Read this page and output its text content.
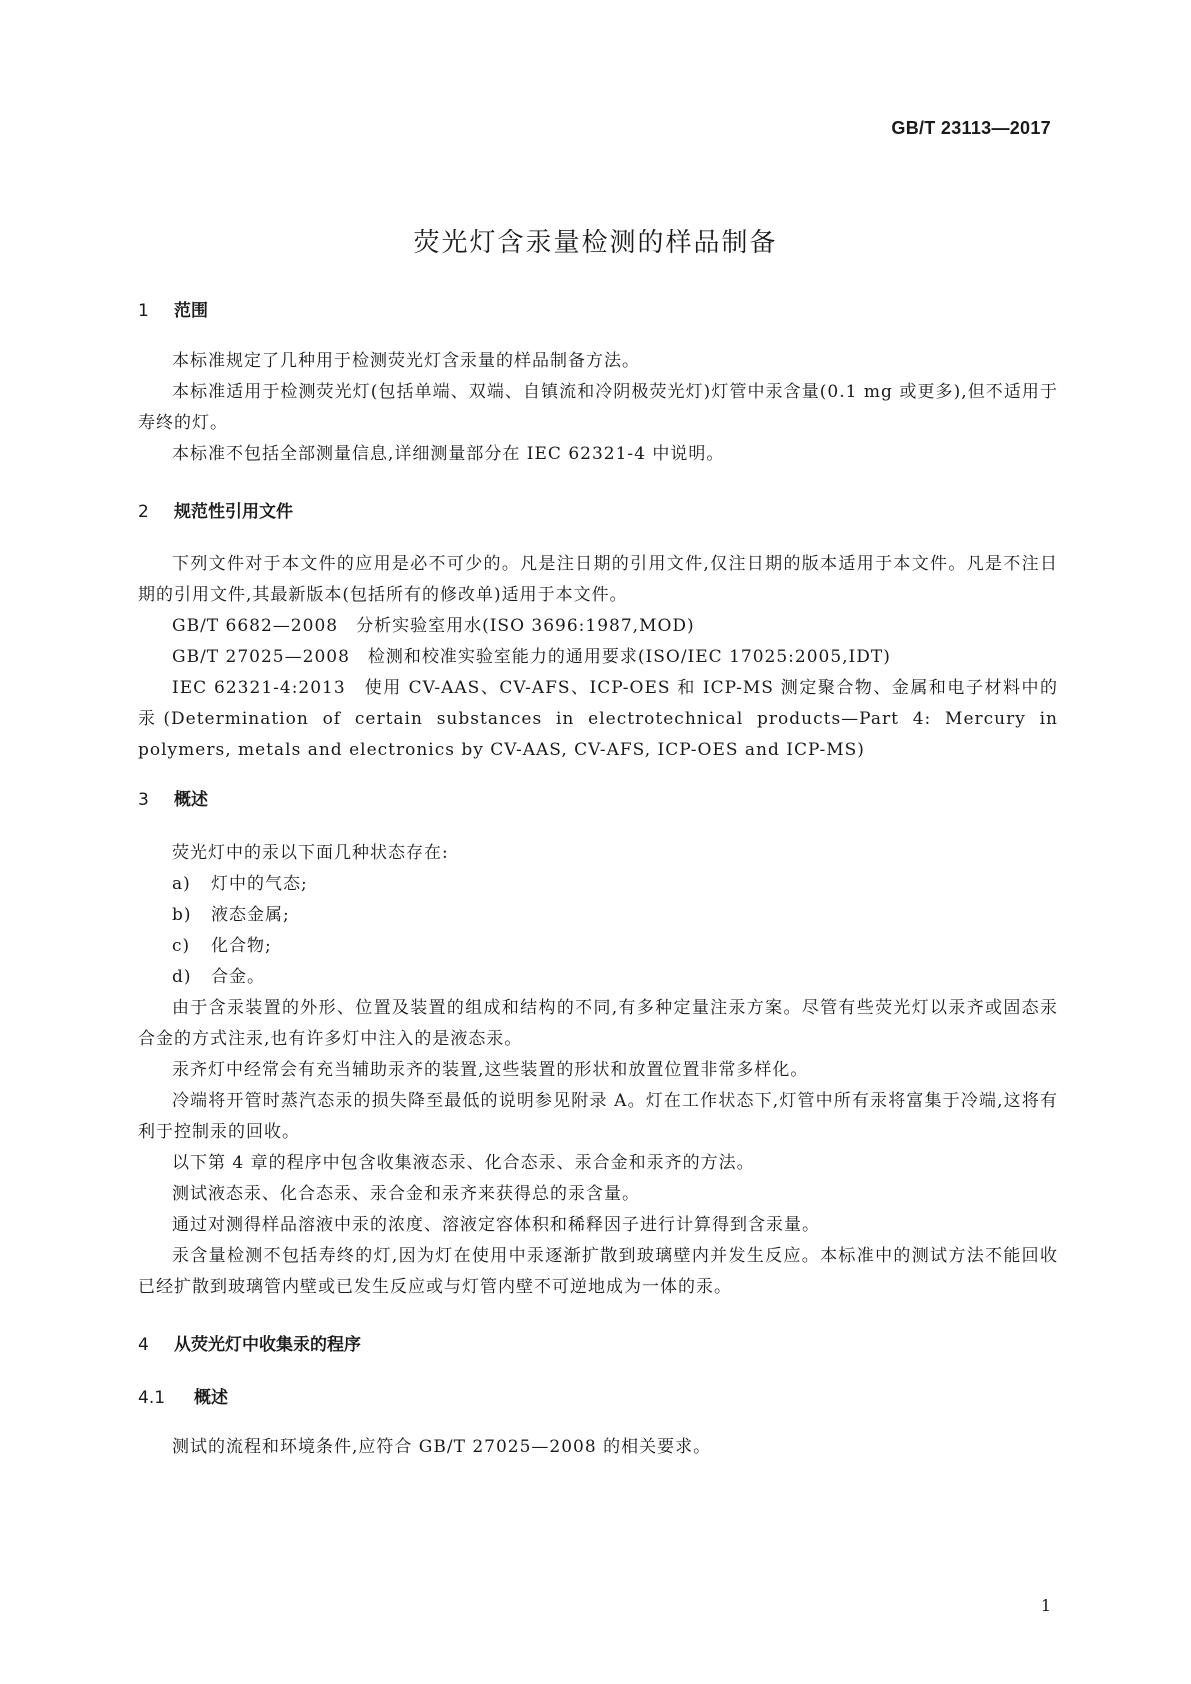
GB/T 23113—2017
荧光灯含汞量检测的样品制备
1 范围

本标准规定了几种用于检测荧光灯含汞量的样品制备方法。

本标准适用于检测荧光灯(包括单端、双端、自镇流和冷阴极荧光灯)灯管中汞含量(0.1 mg 或更多),但不适用于寿终的灯。

本标准不包括全部测量信息,详细测量部分在 IEC 62321-4 中说明。

2 规范性引用文件

下列文件对于本文件的应用是必不可少的。凡是注日期的引用文件,仅注日期的版本适用于本文件。凡是不注日期的引用文件,其最新版本(包括所有的修改单)适用于本文件。

GB/T 6682—2008　分析实验室用水(ISO 3696:1987,MOD)

GB/T 27025—2008　检测和校准实验室能力的通用要求(ISO/IEC 17025:2005,IDT)

IEC 62321-4:2013　使用 CV-AAS、CV-AFS、ICP-OES 和 ICP-MS 测定聚合物、金属和电子材料中的汞(Determination of certain substances in electrotechnical products—Part 4: Mercury in polymers, metals and electronics by CV-AAS, CV-AFS, ICP-OES and ICP-MS)

3 概述

荧光灯中的汞以下面几种状态存在:

a) 灯中的气态;
b) 液态金属;
c) 化合物;
d) 合金。

由于含汞装置的外形、位置及装置的组成和结构的不同,有多种定量注汞方案。尽管有些荧光灯以汞齐或固态汞合金的方式注汞,也有许多灯中注入的是液态汞。

汞齐灯中经常会有充当辅助汞齐的装置,这些装置的形状和放置位置非常多样化。

冷端将开管时蒸汽态汞的损失降至最低的说明参见附录 A。灯在工作状态下,灯管中所有汞将富集于冷端,这将有利于控制汞的回收。

以下第 4 章的程序中包含收集液态汞、化合态汞、汞合金和汞齐的方法。

测试液态汞、化合态汞、汞合金和汞齐来获得总的汞含量。

通过对测得样品溶液中汞的浓度、溶液定容体积和稀释因子进行计算得到含汞量。

汞含量检测不包括寿终的灯,因为灯在使用中汞逐渐扩散到玻璃壁内并发生反应。本标准中的测试方法不能回收已经扩散到玻璃管内壁或已发生反应或与灯管内壁不可逆地成为一体的汞。

4 从荧光灯中收集汞的程序
4.1 概述

测试的流程和环境条件,应符合 GB/T 27025—2008 的相关要求。

1
